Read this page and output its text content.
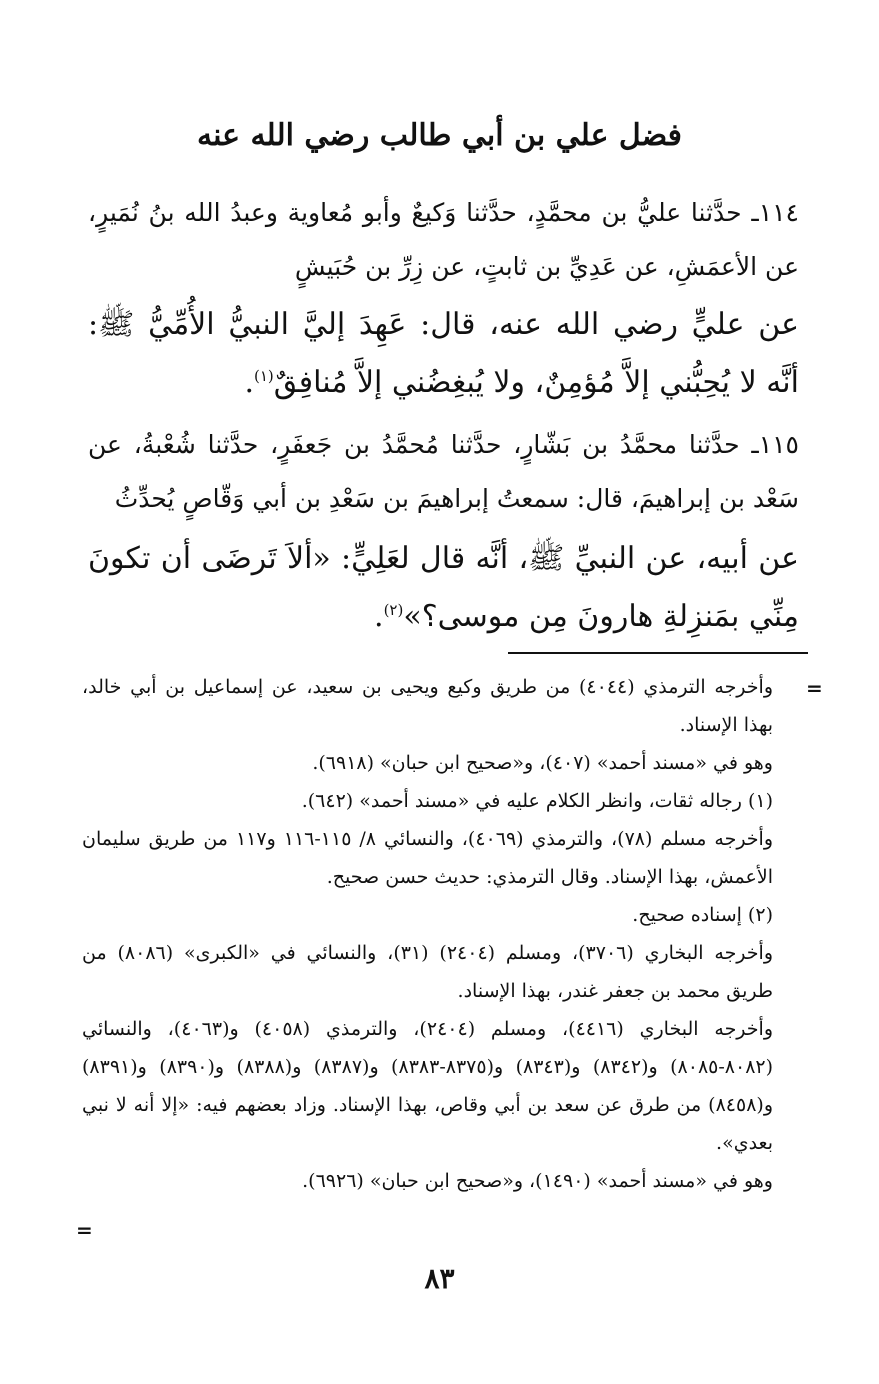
فضل علي بن أبي طالب رضي الله عنه
١١٤ـ حدَّثنا عليُّ بن محمَّدٍ، حدَّثنا وَكيعٌ وأبو مُعاوية وعبدُ الله بنُ نُمَيرٍ، عن الأعمَشِ، عن عَدِيِّ بن ثابتٍ، عن زِرِّ بن حُبَيشٍ
عن عليٍّ رضي الله عنه، قال: عَهِدَ إليَّ النبيُّ الأُمِّيُّ ﷺ: أنَّه لا يُحِبُّني إلاَّ مُؤمِنٌ، ولا يُبغِضُني إلاَّ مُنافِقٌ$^{(١)}$.
١١٥ـ حدَّثنا محمَّدُ بن بَشّارٍ، حدَّثنا مُحمَّدُ بن جَعفَرٍ، حدَّثنا شُعْبةُ، عن سَعْد بن إبراهيمَ، قال: سمعتُ إبراهيمَ بن سَعْدِ بن أبي وَقّاصٍ يُحدِّثُ
عن أبيه، عن النبيِّ ﷺ، أنَّه قال لعَلِيٍّ: «ألاَ تَرضَى أن تكونَ مِنِّي بمَنزِلةِ هارونَ مِن موسى؟»$^{(٢)}$.
=

وأخرجه الترمذي (٤٠٤٤) من طريق وكيع ويحيى بن سعيد، عن إسماعيل بن أبي خالد، بهذا الإسناد.

وهو في «مسند أحمد» (٤٠٧)، و«صحيح ابن حبان» (٦٩١٨).

(١) رجاله ثقات، وانظر الكلام عليه في «مسند أحمد» (٦٤٢).

وأخرجه مسلم (٧٨)، والترمذي (٤٠٦٩)، والنسائي ٨/ ١١٥-١١٦ و١١٧ من طريق سليمان الأعمش، بهذا الإسناد. وقال الترمذي: حديث حسن صحيح.

(٢) إسناده صحيح.

وأخرجه البخاري (٣٧٠٦)، ومسلم (٢٤٠٤) (٣١)، والنسائي في «الكبرى» (٨٠٨٦) من طريق محمد بن جعفر غندر، بهذا الإسناد.

وأخرجه البخاري (٤٤١٦)، ومسلم (٢٤٠٤)، والترمذي (٤٠٥٨) و(٤٠٦٣)، والنسائي (٨٠٨٢-٨٠٨٥) و(٨٣٤٢) و(٨٣٤٣) و(٨٣٧٥-٨٣٨٣) و(٨٣٨٧) و(٨٣٨٨) و(٨٣٩٠) و(٨٣٩١) و(٨٤٥٨) من طرق عن سعد بن أبي وقاص، بهذا الإسناد. وزاد بعضهم فيه: «إلا أنه لا نبي بعدي».

وهو في «مسند أحمد» (١٤٩٠)، و«صحيح ابن حبان» (٦٩٢٦).

=
٨٣
